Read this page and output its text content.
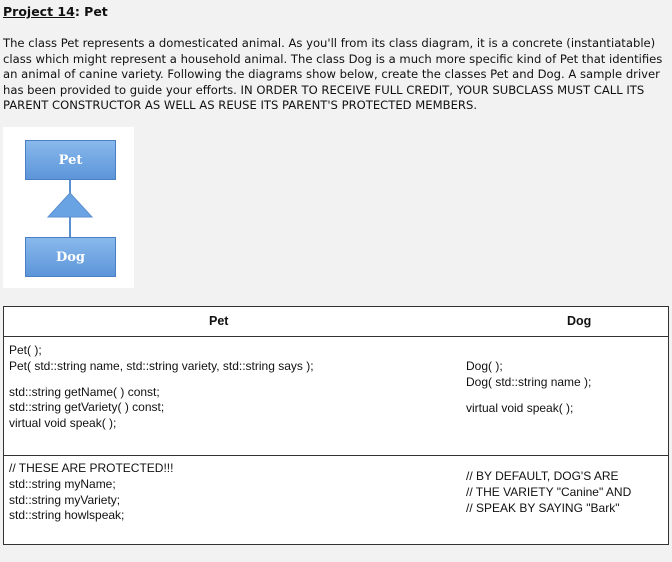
Project 14: Pet
The class Pet represents a domesticated animal. As you'll from its class diagram, it is a concrete (instantiatable)
class which might represent a household animal. The class Dog is a much more specific kind of Pet that identifies
an animal of canine variety. Following the diagrams show below, create the classes Pet and Dog. A sample driver
has been provided to guide your efforts. IN ORDER TO RECEIVE FULL CREDIT, YOUR SUBCLASS MUST CALL ITS
PARENT CONSTRUCTOR AS WELL AS REUSE ITS PARENT'S PROTECTED MEMBERS.
Pet
Dog
Pet	Dog
Pet( );
Pet( std::string name, std::string variety, std::string says );
std::string getName( ) const;
std::string getVariety( ) const;
virtual void speak( );
Dog( );
Dog( std::string name );
virtual void speak( );
// THESE ARE PROTECTED!!!
std::string myName;
std::string myVariety;
std::string howlspeak;
// BY DEFAULT, DOG'S ARE
// THE VARIETY "Canine" AND
// SPEAK BY SAYING "Bark"
